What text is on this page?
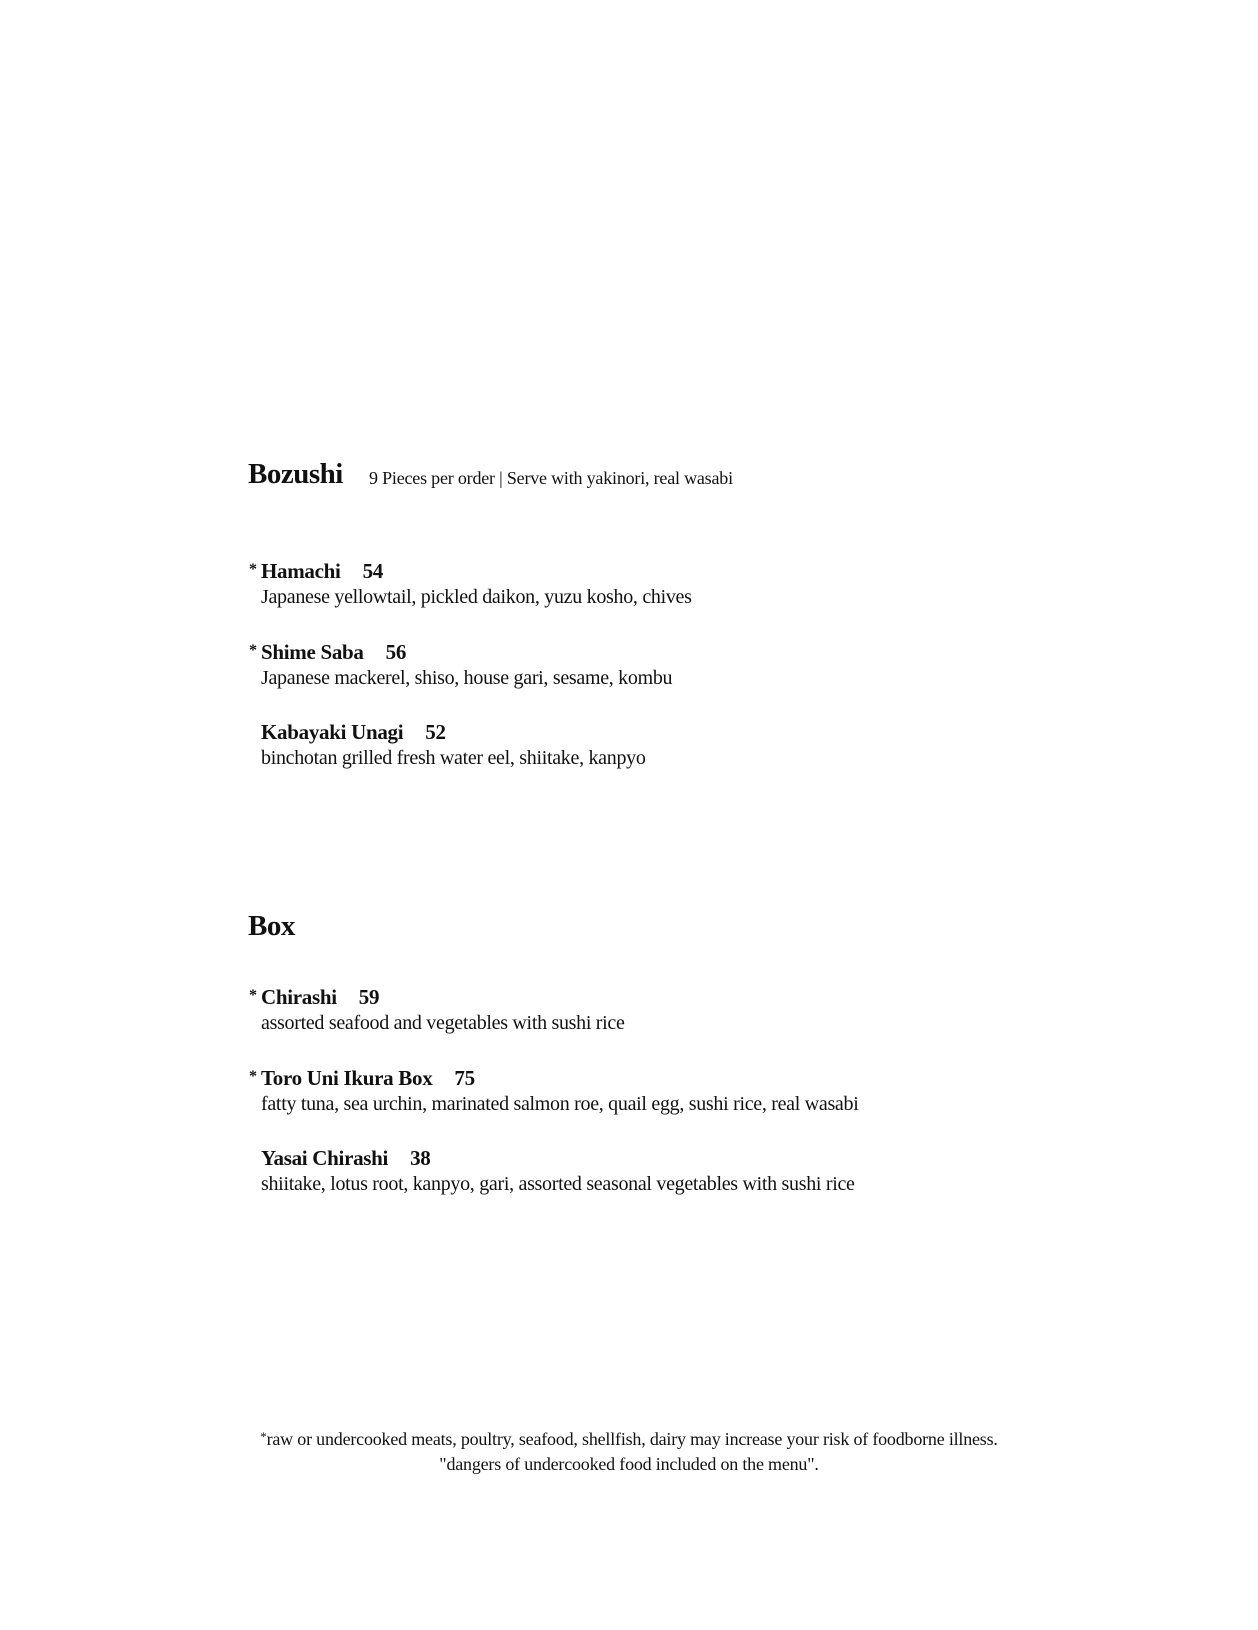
Bozushi 9 Pieces per order | Serve with yakinori, real wasabi
* Hamachi 54
Japanese yellowtail, pickled daikon, yuzu kosho, chives
* Shime Saba 56
Japanese mackerel, shiso, house gari, sesame, kombu
Kabayaki Unagi 52
binchotan grilled fresh water eel, shiitake, kanpyo
Box
* Chirashi 59
assorted seafood and vegetables with sushi rice
* Toro Uni Ikura Box 75
fatty tuna, sea urchin, marinated salmon roe, quail egg, sushi rice, real wasabi
Yasai Chirashi 38
shiitake, lotus root, kanpyo, gari, assorted seasonal vegetables with sushi rice
*raw or undercooked meats, poultry, seafood, shellfish, dairy may increase your risk of foodborne illness.
"dangers of undercooked food included on the menu".
